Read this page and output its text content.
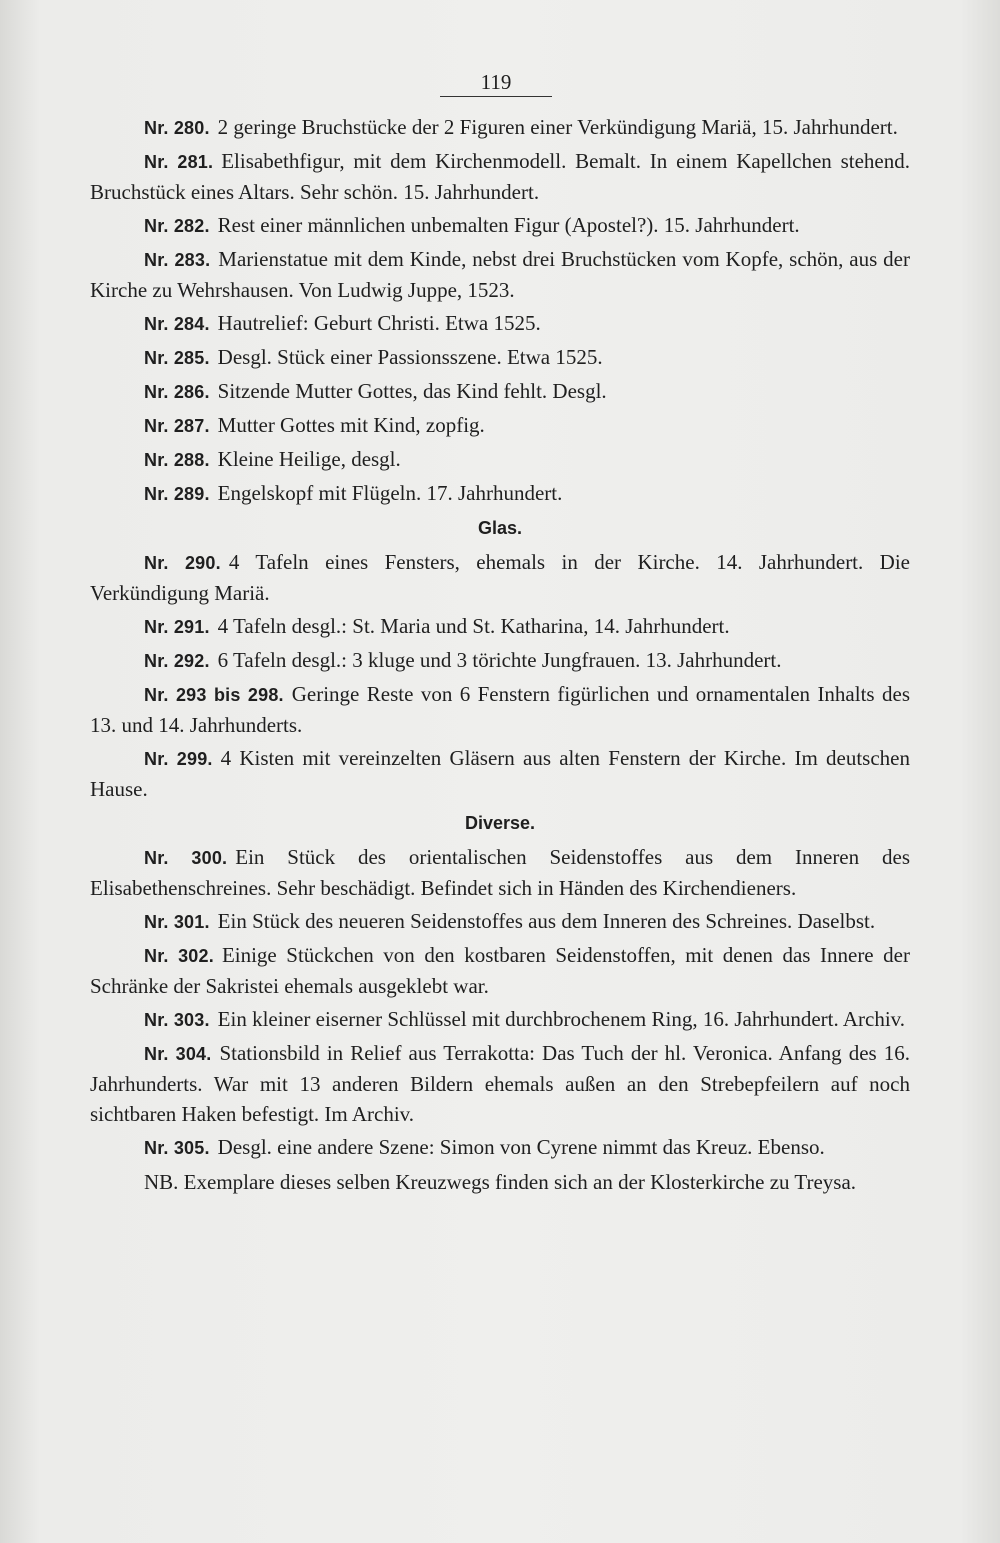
119

Nr. 280. 2 geringe Bruchstücke der 2 Figuren einer Verkündigung Mariä, 15. Jahrhundert.

Nr. 281. Elisabethfigur, mit dem Kirchenmodell. Bemalt. In einem Kapellchen stehend. Bruchstück eines Altars. Sehr schön. 15. Jahrhundert.

Nr. 282. Rest einer männlichen unbemalten Figur (Apostel?). 15. Jahrhundert.

Nr. 283. Marienstatue mit dem Kinde, nebst drei Bruchstücken vom Kopfe, schön, aus der Kirche zu Wehrshausen. Von Ludwig Juppe, 1523.

Nr. 284. Hautrelief: Geburt Christi. Etwa 1525.

Nr. 285. Desgl. Stück einer Passionsszene. Etwa 1525.

Nr. 286. Sitzende Mutter Gottes, das Kind fehlt. Desgl.

Nr. 287. Mutter Gottes mit Kind, zopfig.

Nr. 288. Kleine Heilige, desgl.

Nr. 289. Engelskopf mit Flügeln. 17. Jahrhundert.

Glas.

Nr. 290. 4 Tafeln eines Fensters, ehemals in der Kirche. 14. Jahrhundert. Die Verkündigung Mariä.

Nr. 291. 4 Tafeln desgl.: St. Maria und St. Katharina, 14. Jahrhundert.

Nr. 292. 6 Tafeln desgl.: 3 kluge und 3 törichte Jungfrauen. 13. Jahrhundert.

Nr. 293 bis 298. Geringe Reste von 6 Fenstern figürlichen und ornamentalen Inhalts des 13. und 14. Jahrhunderts.

Nr. 299. 4 Kisten mit vereinzelten Gläsern aus alten Fenstern der Kirche. Im deutschen Hause.

Diverse.

Nr. 300. Ein Stück des orientalischen Seidenstoffes aus dem Inneren des Elisabethenschreines. Sehr beschädigt. Befindet sich in Händen des Kirchendieners.

Nr. 301. Ein Stück des neueren Seidenstoffes aus dem Inneren des Schreines. Daselbst.

Nr. 302. Einige Stückchen von den kostbaren Seidenstoffen, mit denen das Innere der Schränke der Sakristei ehemals ausgeklebt war.

Nr. 303. Ein kleiner eiserner Schlüssel mit durchbrochenem Ring, 16. Jahrhundert. Archiv.

Nr. 304. Stationsbild in Relief aus Terrakotta: Das Tuch der hl. Veronica. Anfang des 16. Jahrhunderts. War mit 13 anderen Bildern ehemals außen an den Strebepfeilern auf noch sichtbaren Haken befestigt. Im Archiv.

Nr. 305. Desgl. eine andere Szene: Simon von Cyrene nimmt das Kreuz. Ebenso.

NB. Exemplare dieses selben Kreuzwegs finden sich an der Klosterkirche zu Treysa.
